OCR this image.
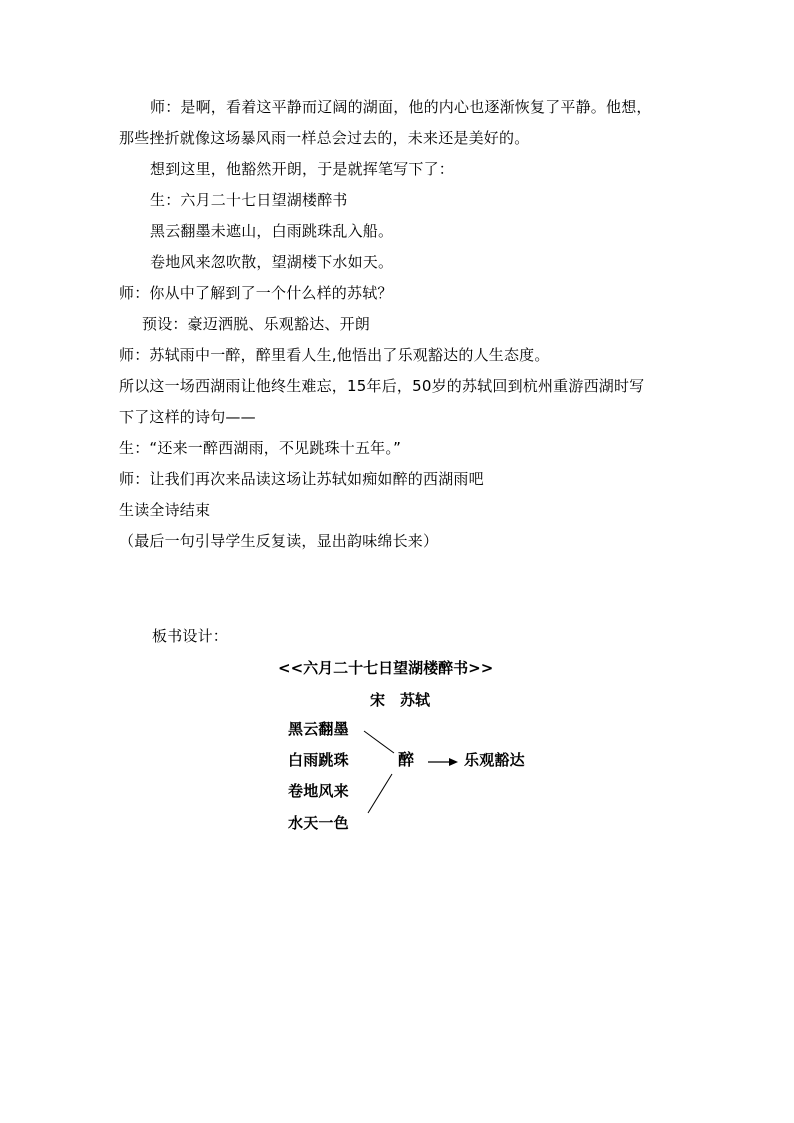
师：是啊，看着这平静而辽阔的湖面，他的内心也逐渐恢复了平静。他想，
那些挫折就像这场暴风雨一样总会过去的，未来还是美好的。
想到这里，他豁然开朗，于是就挥笔写下了：
生：六月二十七日望湖楼醉书
黑云翻墨未遮山，白雨跳珠乱入船。
卷地风来忽吹散，望湖楼下水如天。
师：你从中了解到了一个什么样的苏轼？
预设：豪迈洒脱、乐观豁达、开朗
师：苏轼雨中一醉，醉里看人生,他悟出了乐观豁达的人生态度。
所以这一场西湖雨让他终生难忘，15年后，50岁的苏轼回到杭州重游西湖时写
下了这样的诗句——
生：“还来一醉西湖雨，不见跳珠十五年。”
师：让我们再次来品读这场让苏轼如痴如醉的西湖雨吧
生读全诗结束
（最后一句引导学生反复读，显出韵味绵长来）
板书设计：
<<六月二十七日望湖楼醉书>>
宋　苏轼
黑云翻墨
白雨跳珠
卷地风来
水天一色
醉	乐观豁达
